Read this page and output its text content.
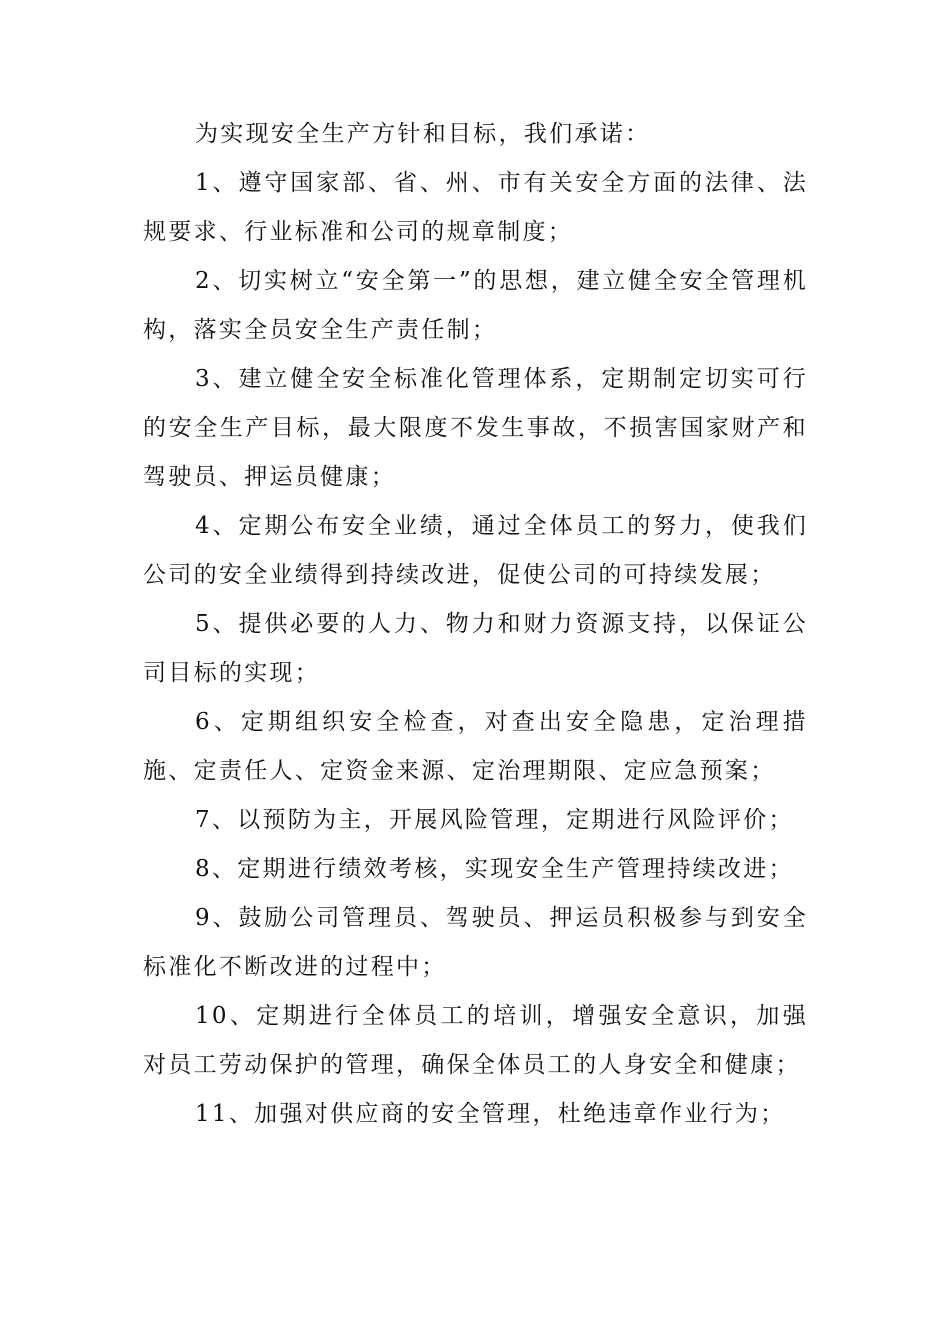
为实现安全生产方针和目标，我们承诺：

1、遵守国家部、省、州、市有关安全方面的法律、法规要求、行业标准和公司的规章制度；

2、切实树立“安全第一”的思想，建立健全安全管理机构，落实全员安全生产责任制；

3、建立健全安全标准化管理体系，定期制定切实可行的安全生产目标，最大限度不发生事故，不损害国家财产和驾驶员、押运员健康；

4、定期公布安全业绩，通过全体员工的努力，使我们公司的安全业绩得到持续改进，促使公司的可持续发展；

5、提供必要的人力、物力和财力资源支持，以保证公司目标的实现；

6、定期组织安全检查，对查出安全隐患，定治理措施、定责任人、定资金来源、定治理期限、定应急预案；

7、以预防为主，开展风险管理，定期进行风险评价；

8、定期进行绩效考核，实现安全生产管理持续改进；

9、鼓励公司管理员、驾驶员、押运员积极参与到安全标准化不断改进的过程中；

10、定期进行全体员工的培训，增强安全意识，加强对员工劳动保护的管理，确保全体员工的人身安全和健康；

11、加强对供应商的安全管理，杜绝违章作业行为；
